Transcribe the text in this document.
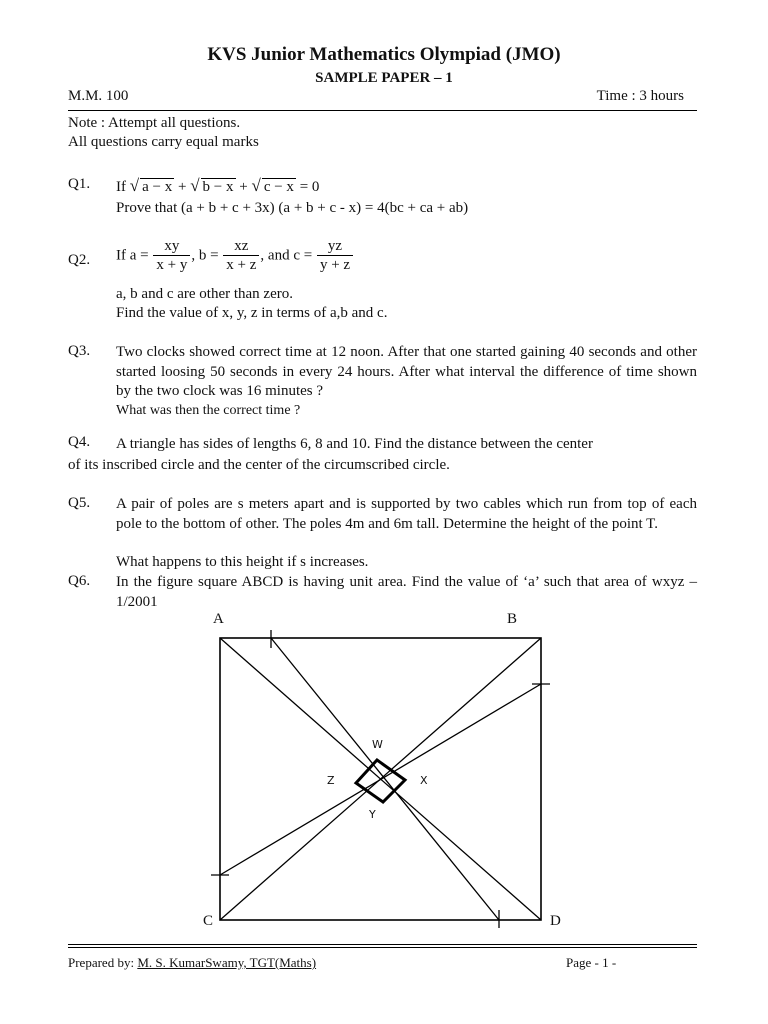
KVS Junior Mathematics Olympiad (JMO)
SAMPLE PAPER – 1
M.M. 100	Time : 3 hours
Note : Attempt all questions.
All questions carry equal marks
Q1. If √ a − x + √ b − x + √ c − x = 0
Prove that (a + b + c + 3x) (a + b + c - x) = 4(bc + ca + ab)
Q2. If $a = \frac{xy}{x + y}$ , $b = \frac{xz}{x + z}$ , and $c = \frac{yz}{y + z}$
a, b and c are other than zero.
Find the value of x, y, z in terms of a,b and c.
Q3. Two clocks showed correct time at 12 noon. After that one started gaining 40 seconds and other started loosing 50 seconds in every 24 hours. After what interval the difference of time shown by the two clock was 16 minutes ?
What was then the correct time ?
A triangle has sides of lengths 6, 8 and 10. Find the distance between the center
of its inscribed circle and the center of the circumscribed circle.
Q4.
Q5. A pair of poles are s meters apart and is supported by two cables which run from top of each pole to the bottom of other. The poles 4m and 6m tall. Determine the height of the point T.
What happens to this height if s increases.
Q6. In the figure square ABCD is having unit area. Find the value of ‘a’ such that area of wxyz – 1/2001
A	B
C	D
W
X
Y
Z
Prepared by: M. S. KumarSwamy, TGT(Maths)	Page - 1 -
